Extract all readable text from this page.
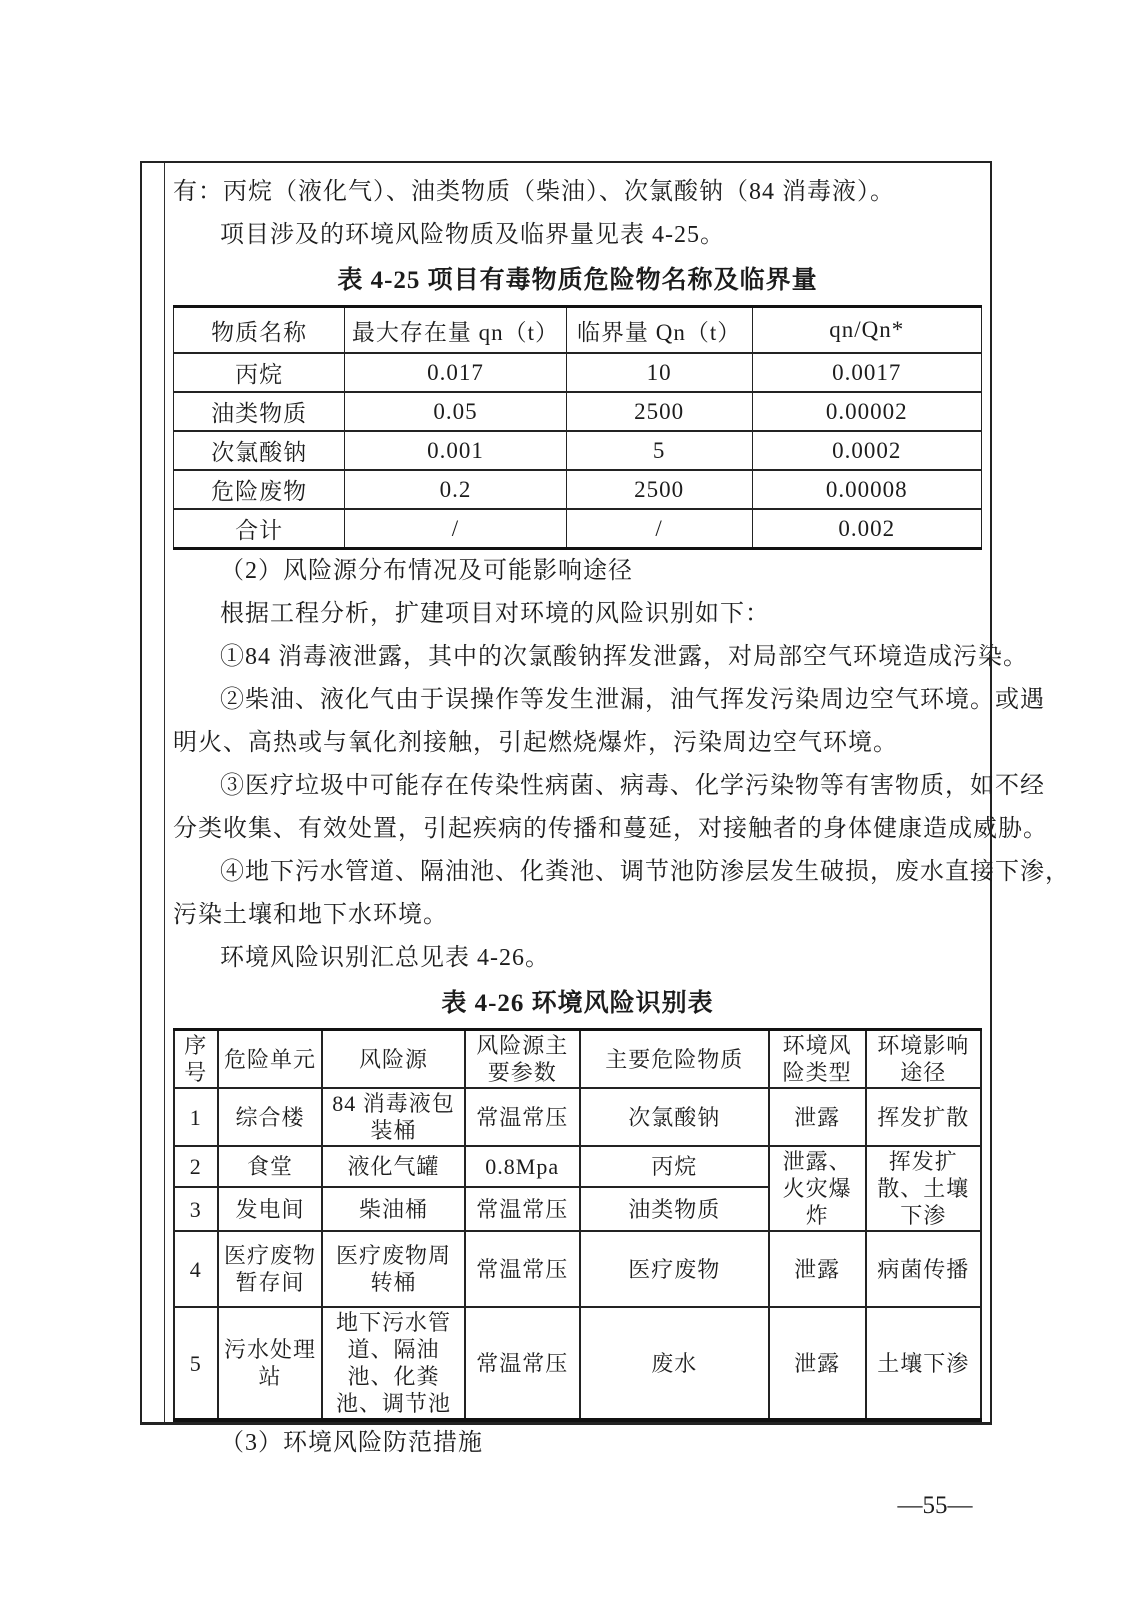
有：丙烷（液化气）、油类物质（柴油）、次氯酸钠（84 消毒液）。

项目涉及的环境风险物质及临界量见表 4-25。

表 4-25 项目有毒物质危险物名称及临界量
物质名称	最大存在量 qn（t）	临界量 Qn（t）	qn/Qn*
丙烷	0.017	10	0.0017
油类物质	0.05	2500	0.00002
次氯酸钠	0.001	5	0.0002
危险废物	0.2	2500	0.00008
合计	/	/	0.002

（2）风险源分布情况及可能影响途径

根据工程分析，扩建项目对环境的风险识别如下：

①84 消毒液泄露，其中的次氯酸钠挥发泄露，对局部空气环境造成污染。

②柴油、液化气由于误操作等发生泄漏，油气挥发污染周边空气环境。或遇

明火、高热或与氧化剂接触，引起燃烧爆炸，污染周边空气环境。

③医疗垃圾中可能存在传染性病菌、病毒、化学污染物等有害物质，如不经

分类收集、有效处置，引起疾病的传播和蔓延，对接触者的身体健康造成威胁。

④地下污水管道、隔油池、化粪池、调节池防渗层发生破损，废水直接下渗，

污染土壤和地下水环境。

环境风险识别汇总见表 4-26。

表 4-26 环境风险识别表
序号	危险单元	风险源	风险源主要参数	主要危险物质	环境风险类型	环境影响途径
1	综合楼	84 消毒液包装桶	常温常压	次氯酸钠	泄露	挥发扩散
2	食堂	液化气罐	0.8Mpa	丙烷	泄露、火灾爆炸	挥发扩散、土壤下渗
3	发电间	柴油桶	常温常压	油类物质		
4	医疗废物暂存间	医疗废物周转桶	常温常压	医疗废物	泄露	病菌传播
5	污水处理站	地下污水管道、隔油池、化粪池、调节池	常温常压	废水	泄露	土壤下渗

（3）环境风险防范措施

—55—
